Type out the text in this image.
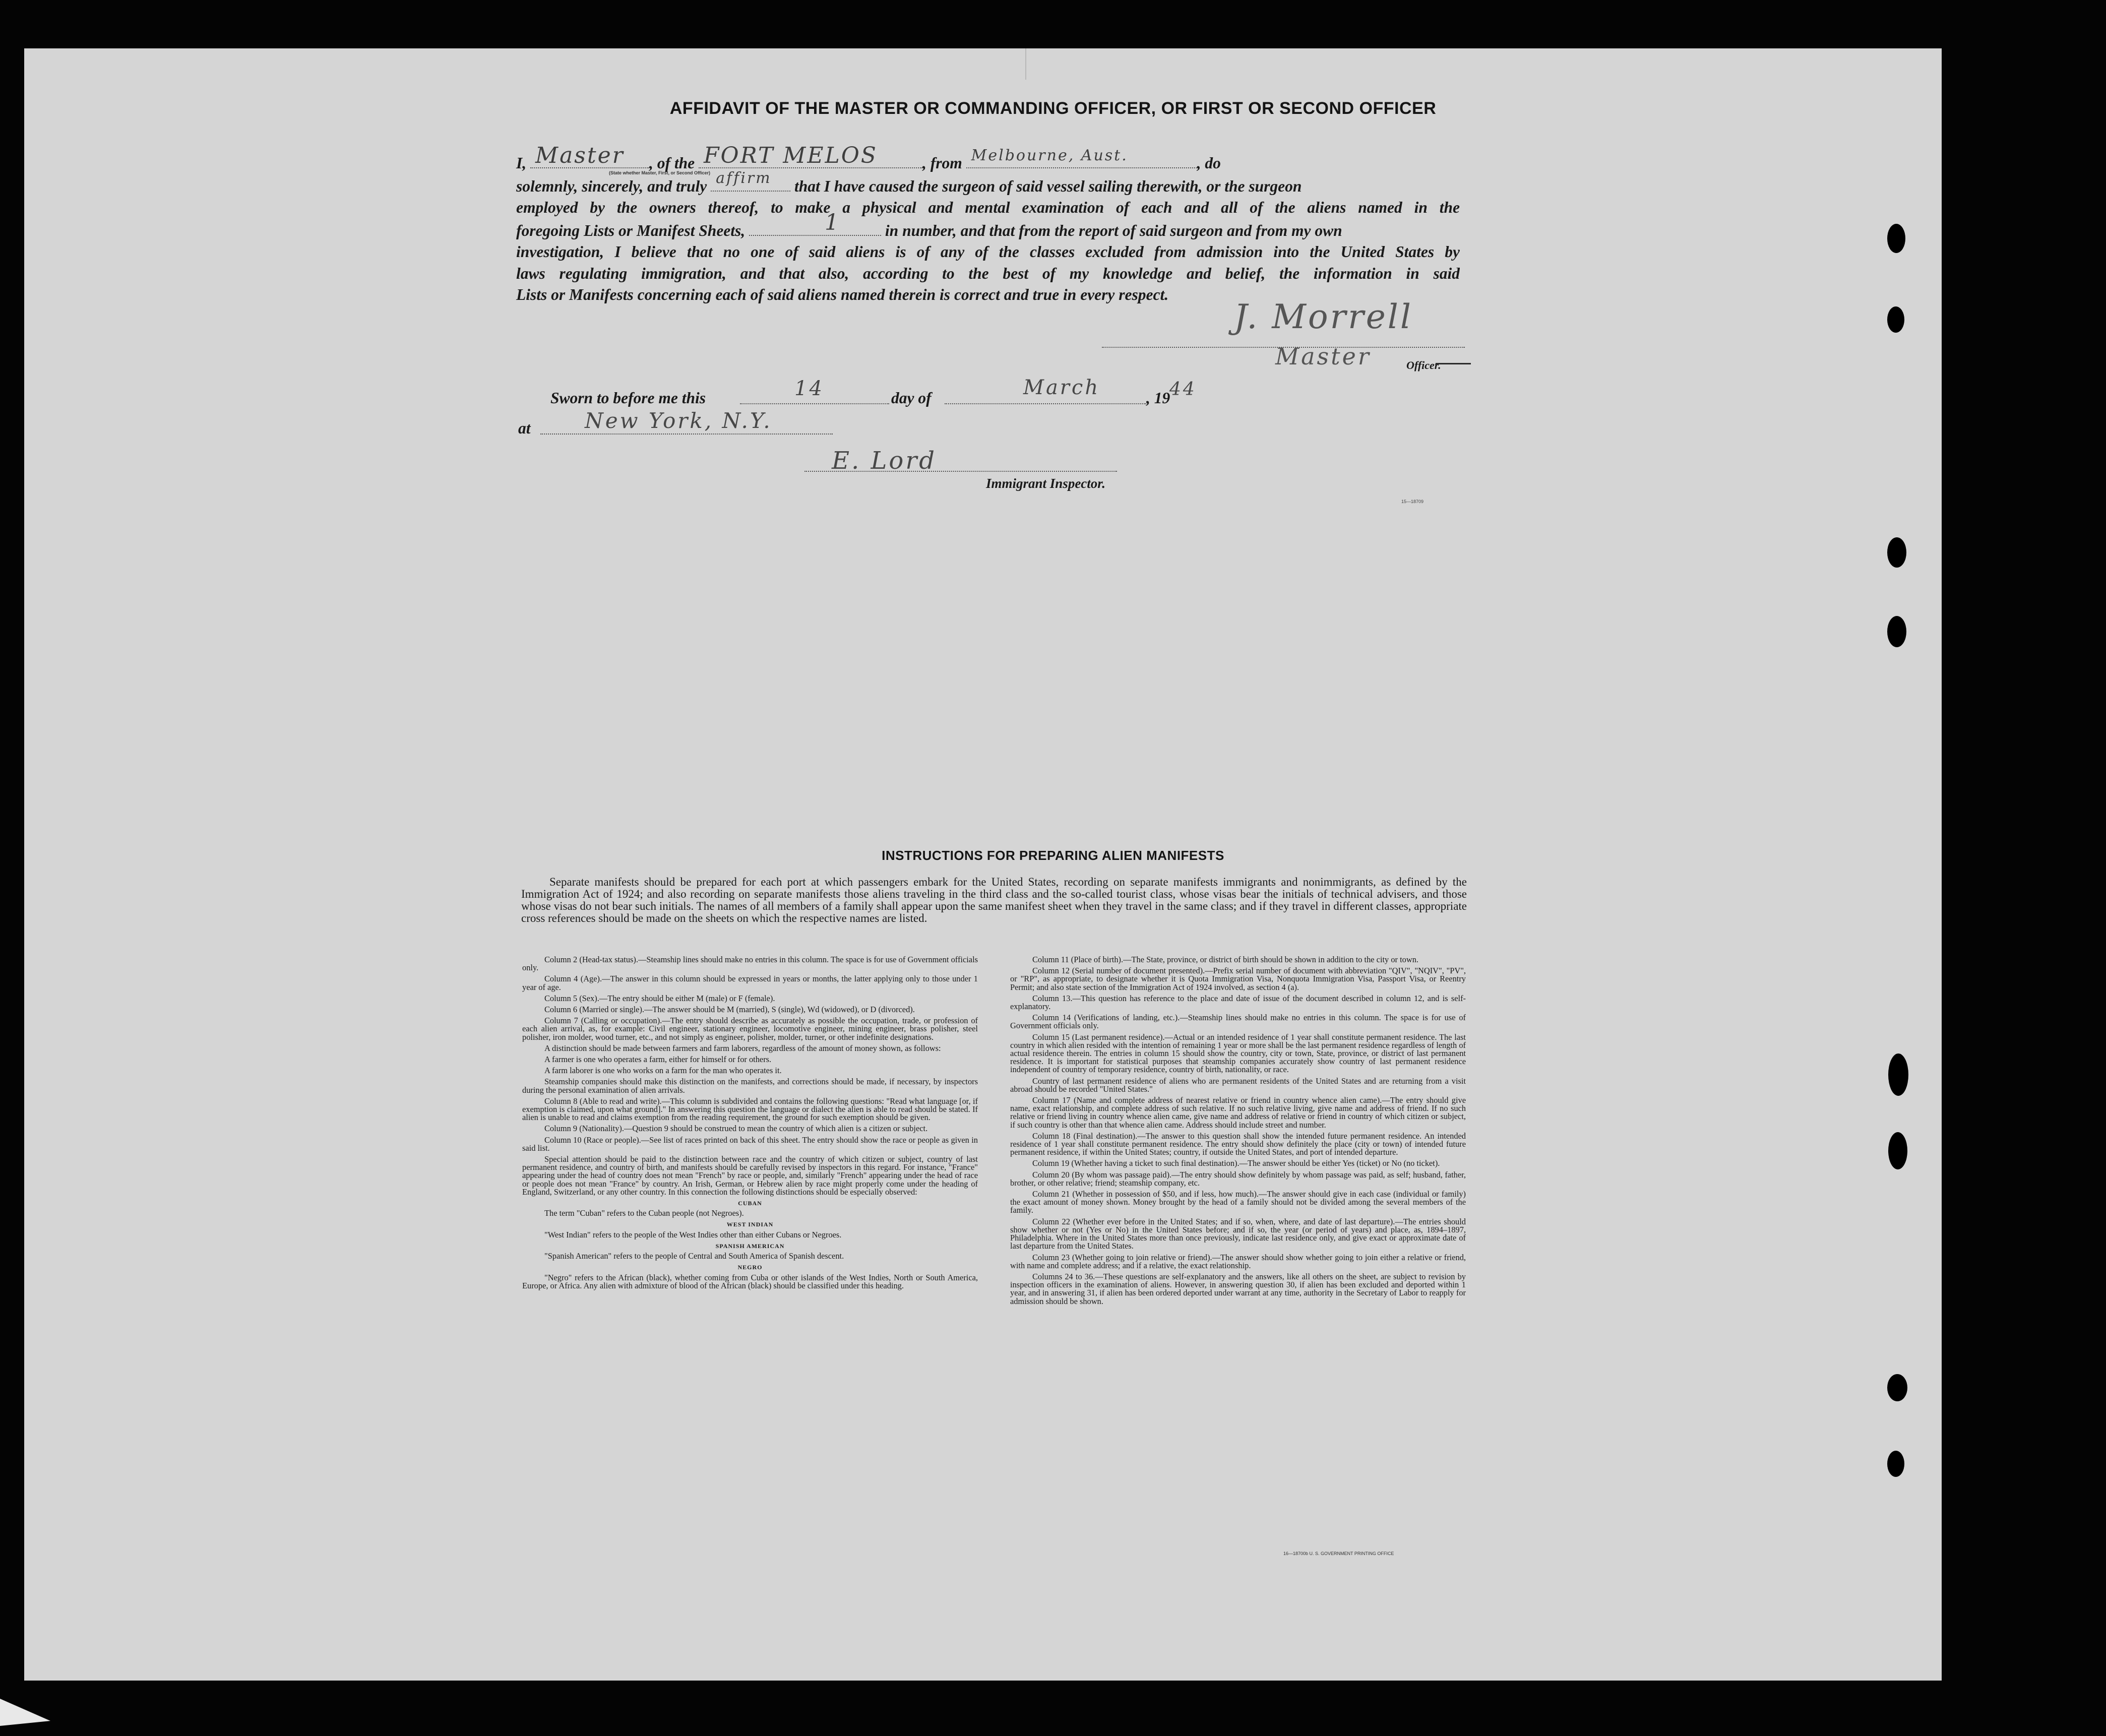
AFFIDAVIT OF THE MASTER OR COMMANDING OFFICER, OR FIRST OR SECOND OFFICER
I, Master , of the FORT MELOS	, from Melbourne, Aust.	, do
solemnly, sincerely, and truly affirm that I have caused the surgeon of said vessel sailing therewith, or the surgeon
employed by the owners thereof, to make a physical and mental examination of each and all of the aliens named in the
foregoing Lists or Manifest Sheets,	1	in number, and that from the report of said surgeon and from my own
investigation, I believe that no one of said aliens is of any of the classes excluded from admission into the United States by
laws regulating immigration, and that also, according to the best of my knowledge and belief, the information in said
Lists or Manifests concerning each of said aliens named therein is correct and true in every respect.
(State whether Master, First, or Second Officer)
J. Morrell
Master	Officer.
Sworn to before me this	14	day of	March	, 19
44
at	New York, N.Y.
E. Lord
Immigrant Inspector.
15—18709
INSTRUCTIONS FOR PREPARING ALIEN MANIFESTS

Separate manifests should be prepared for each port at which passengers embark for the United States, recording on separate manifests immigrants and nonimmigrants, as defined by the Immigration Act of 1924; and also recording on separate manifests those aliens traveling in the third class and the so-called tourist class, whose visas bear the initials of technical advisers, and those whose visas do not bear such initials. The names of all members of a family shall appear upon the same manifest sheet when they travel in the same class; and if they travel in different classes, appropriate cross references should be made on the sheets on which the respective names are listed.

Column 2 (Head-tax status).—Steamship lines should make no entries in this column. The space is for use of Government officials only.

Column 4 (Age).—The answer in this column should be expressed in years or months, the latter applying only to those under 1 year of age.

Column 5 (Sex).—The entry should be either M (male) or F (female).

Column 6 (Married or single).—The answer should be M (married), S (single), Wd (widowed), or D (divorced).

Column 7 (Calling or occupation).—The entry should describe as accurately as possible the occupation, trade, or profession of each alien arrival, as, for example: Civil engineer, stationary engineer, locomotive engineer, mining engineer, brass polisher, steel polisher, iron molder, wood turner, etc., and not simply as engineer, polisher, molder, turner, or other indefinite designations.

A distinction should be made between farmers and farm laborers, regardless of the amount of money shown, as follows:

A farmer is one who operates a farm, either for himself or for others.

A farm laborer is one who works on a farm for the man who operates it.

Steamship companies should make this distinction on the manifests, and corrections should be made, if necessary, by inspectors during the personal examination of alien arrivals.

Column 8 (Able to read and write).—This column is subdivided and contains the following questions: "Read what language [or, if exemption is claimed, upon what ground]." In answering this question the language or dialect the alien is able to read should be stated. If alien is unable to read and claims exemption from the reading requirement, the ground for such exemption should be given.

Column 9 (Nationality).—Question 9 should be construed to mean the country of which alien is a citizen or subject.

Column 10 (Race or people).—See list of races printed on back of this sheet. The entry should show the race or people as given in said list.

Special attention should be paid to the distinction between race and the country of which citizen or subject, country of last permanent residence, and country of birth, and manifests should be carefully revised by inspectors in this regard. For instance, "France" appearing under the head of country does not mean "French" by race or people, and, similarly "French" appearing under the head of race or people does not mean "France" by country. An Irish, German, or Hebrew alien by race might properly come under the heading of England, Switzerland, or any other country. In this connection the following distinctions should be especially observed:

CUBAN

The term "Cuban" refers to the Cuban people (not Negroes).

WEST INDIAN

"West Indian" refers to the people of the West Indies other than either Cubans or Negroes.

SPANISH AMERICAN

"Spanish American" refers to the people of Central and South America of Spanish descent.

NEGRO

"Negro" refers to the African (black), whether coming from Cuba or other islands of the West Indies, North or South America, Europe, or Africa. Any alien with admixture of blood of the African (black) should be classified under this heading.

Column 11 (Place of birth).—The State, province, or district of birth should be shown in addition to the city or town.

Column 12 (Serial number of document presented).—Prefix serial number of document with abbreviation "QIV", "NQIV", "PV", or "RP", as appropriate, to designate whether it is Quota Immigration Visa, Nonquota Immigration Visa, Passport Visa, or Reentry Permit; and also state section of the Immigration Act of 1924 involved, as section 4 (a).

Column 13.—This question has reference to the place and date of issue of the document described in column 12, and is self-explanatory.

Column 14 (Verifications of landing, etc.).—Steamship lines should make no entries in this column. The space is for use of Government officials only.

Column 15 (Last permanent residence).—Actual or an intended residence of 1 year shall constitute permanent residence. The last country in which alien resided with the intention of remaining 1 year or more shall be the last permanent residence regardless of length of actual residence therein. The entries in column 15 should show the country, city or town, State, province, or district of last permanent residence. It is important for statistical purposes that steamship companies accurately show country of last permanent residence independent of country of temporary residence, country of birth, nationality, or race.

Country of last permanent residence of aliens who are permanent residents of the United States and are returning from a visit abroad should be recorded "United States."

Column 17 (Name and complete address of nearest relative or friend in country whence alien came).—The entry should give name, exact relationship, and complete address of such relative. If no such relative living, give name and address of friend. If no such relative or friend living in country whence alien came, give name and address of relative or friend in country of which citizen or subject, if such country is other than that whence alien came. Address should include street and number.

Column 18 (Final destination).—The answer to this question shall show the intended future permanent residence. An intended residence of 1 year shall constitute permanent residence. The entry should show definitely the place (city or town) of intended future permanent residence, if within the United States; country, if outside the United States, and port of intended departure.

Column 19 (Whether having a ticket to such final destination).—The answer should be either Yes (ticket) or No (no ticket).

Column 20 (By whom was passage paid).—The entry should show definitely by whom passage was paid, as self; husband, father, brother, or other relative; friend; steamship company, etc.

Column 21 (Whether in possession of $50, and if less, how much).—The answer should give in each case (individual or family) the exact amount of money shown. Money brought by the head of a family should not be divided among the several members of the family.

Column 22 (Whether ever before in the United States; and if so, when, where, and date of last departure).—The entries should show whether or not (Yes or No) in the United States before; and if so, the year (or period of years) and place, as, 1894–1897, Philadelphia. Where in the United States more than once previously, indicate last residence only, and give exact or approximate date of last departure from the United States.

Column 23 (Whether going to join relative or friend).—The answer should show whether going to join either a relative or friend, with name and complete address; and if a relative, the exact relationship.

Columns 24 to 36.—These questions are self-explanatory and the answers, like all others on the sheet, are subject to revision by inspection officers in the examination of aliens. However, in answering question 30, if alien has been excluded and deported within 1 year, and in answering 31, if alien has been ordered deported under warrant at any time, authority in the Secretary of Labor to reapply for admission should be shown.

16—18700b U. S. GOVERNMENT PRINTING OFFICE
